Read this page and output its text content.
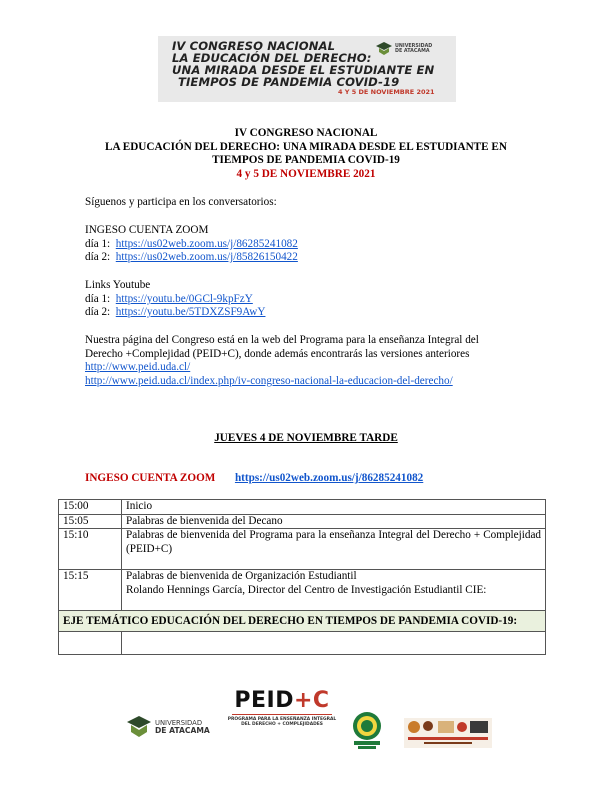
IV CONGRESO NACIONAL
LA EDUCACIÓN DEL DERECHO:
UNA MIRADA DESDE EL ESTUDIANTE EN
TIEMPOS DE PANDEMIA COVID-19
4 Y 5 DE NOVIEMBRE 2021
UNIVERSIDAD
DE ATACAMA
IV CONGRESO NACIONAL
LA EDUCACIÓN DEL DERECHO: UNA MIRADA DESDE EL ESTUDIANTE EN
TIEMPOS DE PANDEMIA COVID-19
4 y 5 DE NOVIEMBRE 2021
Síguenos y participa en los conversatorios:
INGESO CUENTA ZOOM
día 1: https://us02web.zoom.us/j/86285241082
día 2: https://us02web.zoom.us/j/85826150422
Links Youtube
día 1: https://youtu.be/0GCl-9kpFzY
día 2: https://youtu.be/5TDXZSF9AwY
Nuestra página del Congreso está en la web del Programa para la enseñanza Integral del
Derecho +Complejidad (PEID+C), donde además encontrarás las versiones anteriores
http://www.peid.uda.cl/
http://www.peid.uda.cl/index.php/iv-congreso-nacional-la-educacion-del-derecho/
JUEVES 4 DE NOVIEMBRE TARDE
INGESO CUENTA ZOOM https://us02web.zoom.us/j/86285241082
15:00	Inicio
15:05	Palabras de bienvenida del Decano
15:10	Palabras de bienvenida del Programa para la enseñanza Integral del Derecho + Complejidad (PEID+C)
15:15	Palabras de bienvenida de Organización Estudiantil
Rolando Hennings García, Director del Centro de Investigación Estudiantil CIE:

EJE TEMÁTICO EDUCACIÓN DEL DERECHO EN TIEMPOS DE PANDEMIA COVID-19:	

UNIVERSIDAD
DE ATACAMA
PEID+C
PROGRAMA PARA LA ENSEÑANZA INTEGRAL
DEL DERECHO + COMPLEJIDADES
